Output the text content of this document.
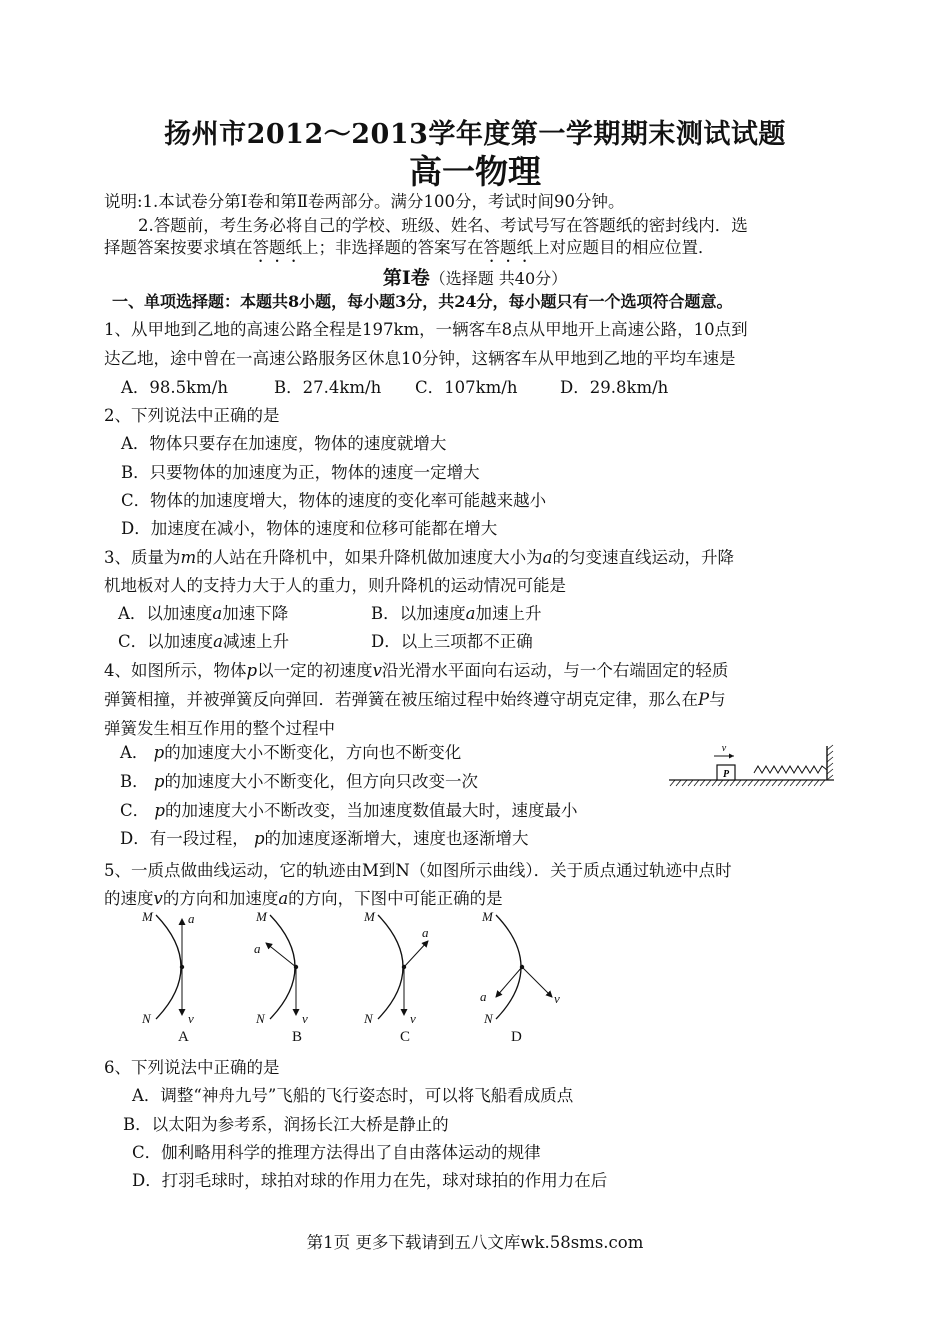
扬州市2012～2013学年度第一学期期末测试试题
高一物理
说明:1.本试卷分第Ⅰ卷和第Ⅱ卷两部分。满分100分，考试时间90分钟。
2.答题前，考生务必将自己的学校、班级、姓名、考试号写在答题纸的密封线内．选
择题答案按要求填在答题纸上；非选择题的答案写在答题纸上对应题目的相应位置．
第Ⅰ卷（选择题 共40分）
一、单项选择题：本题共8小题，每小题3分，共24分，每小题只有一个选项符合题意。
1、从甲地到乙地的高速公路全程是197km，一辆客车8点从甲地开上高速公路，10点到
达乙地，途中曾在一高速公路服务区休息10分钟，这辆客车从甲地到乙地的平均车速是
A．98.5km/h	B．27.4km/h C．107km/h	D．29.8km/h
2、下列说法中正确的是
A．物体只要存在加速度，物体的速度就增大
B．只要物体的加速度为正，物体的速度一定增大
C．物体的加速度增大，物体的速度的变化率可能越来越小
D．加速度在减小，物体的速度和位移可能都在增大
3、质量为m的人站在升降机中，如果升降机做加速度大小为a的匀变速直线运动，升降
机地板对人的支持力大于人的重力，则升降机的运动情况可能是
A．以加速度a加速下降	B．以加速度a加速上升
C．以加速度a减速上升	D．以上三项都不正确
4、如图所示，物体p以一定的初速度v沿光滑水平面向右运动，与一个右端固定的轻质
弹簧相撞，并被弹簧反向弹回．若弹簧在被压缩过程中始终遵守胡克定律，那么在P与
弹簧发生相互作用的整个过程中
A． p的加速度大小不断变化，方向也不断变化
B． p的加速度大小不断变化，但方向只改变一次
C． p的加速度大小不断改变，当加速度数值最大时，速度最小
D．有一段过程， p的加速度逐渐增大，速度也逐渐增大
P
v
5、一质点做曲线运动，它的轨迹由M到N（如图所示曲线）．关于质点通过轨迹中点时
的速度v的方向和加速度a的方向，下图中可能正确的是
M
N
a
v
A
M
N
a
v
B
M
N
a
v
C
M
N
a	v
D
6、下列说法中正确的是
A．调整“神舟九号”飞船的飞行姿态时，可以将飞船看成质点
B．以太阳为参考系，润扬长江大桥是静止的
C．伽利略用科学的推理方法得出了自由落体运动的规律
D．打羽毛球时，球拍对球的作用力在先，球对球拍的作用力在后
第1页 更多下载请到五八文库wk.58sms.com
